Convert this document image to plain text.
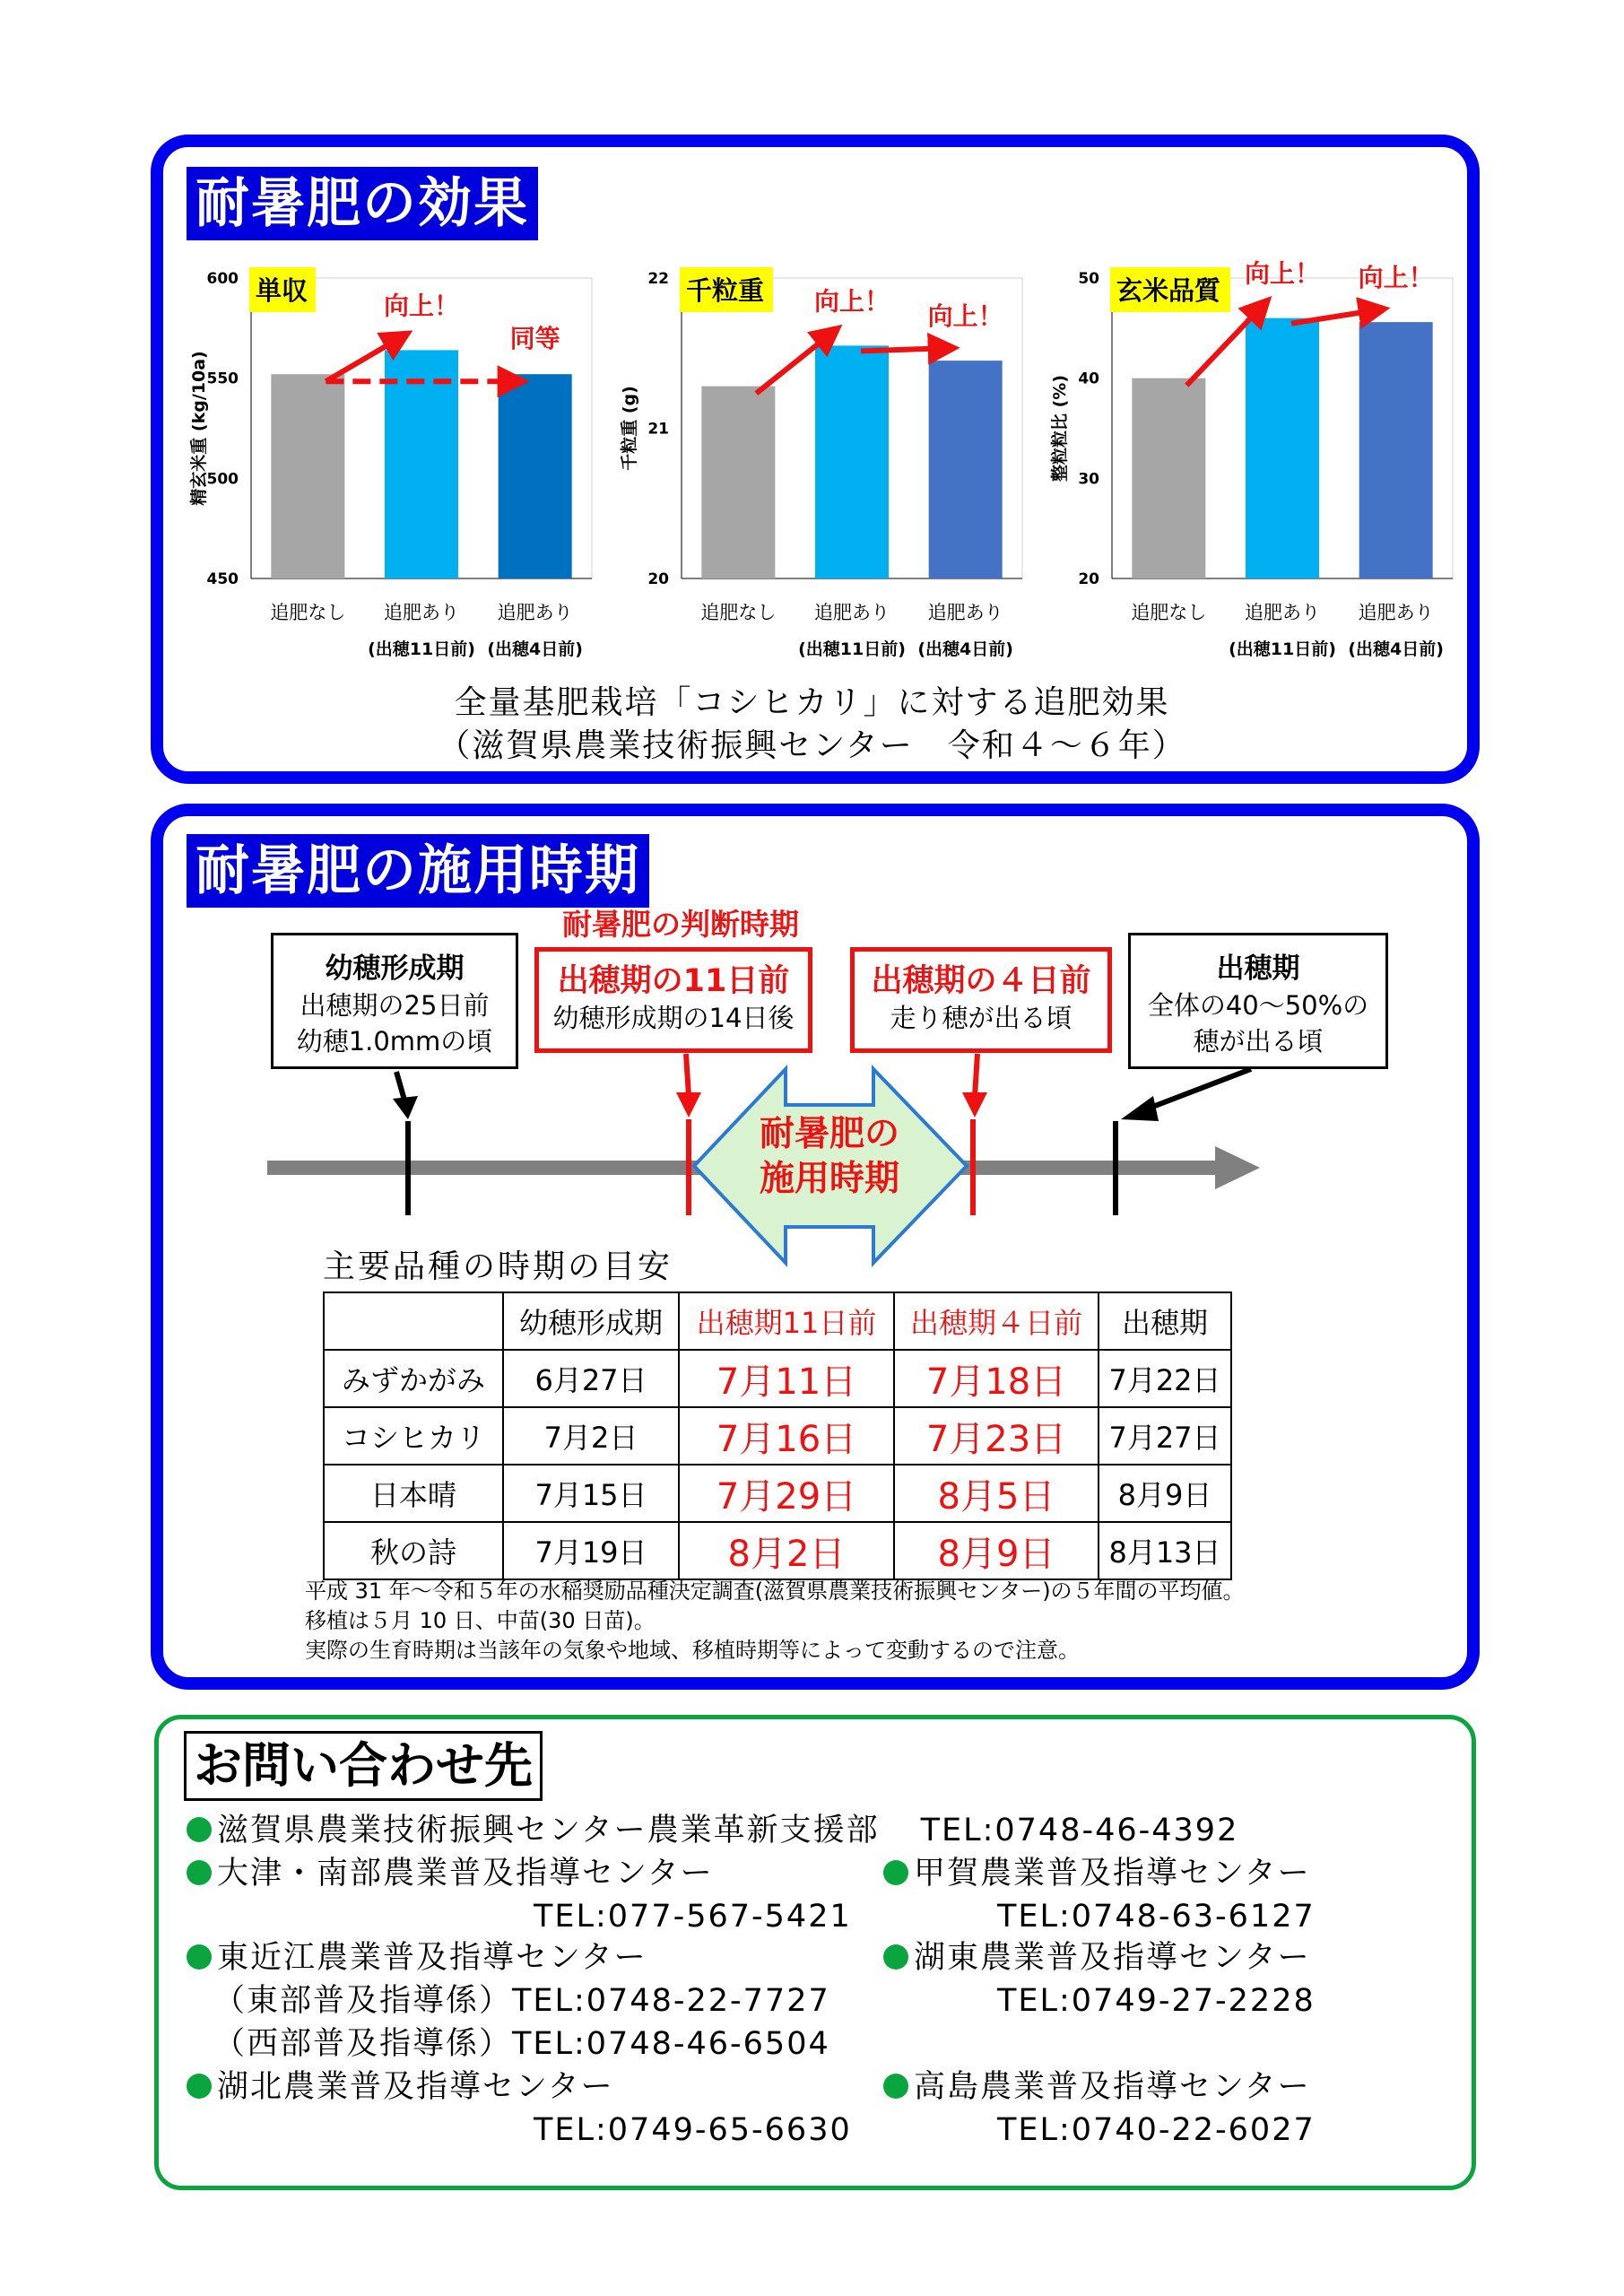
耐暑肥の効果
600
550
500
450
精玄米重 (kg/10a)
追肥なし 追肥あり
(出穂11日前)
追肥あり
(出穂4日前)
単収	向上！
同等
22
21
20
千粒重 (g)
追肥なし 追肥あり
(出穂11日前)
追肥あり
(出穂4日前)
千粒重 向上！
向上！
50
40
30
20
整粒粒比 (%)
追肥なし 追肥あり
(出穂11日前)
追肥あり
(出穂4日前)
玄米品質
向上！ 向上！
全量基肥栽培「コシヒカリ」に対する追肥効果
（滋賀県農業技術振興センター　令和４～６年）
耐暑肥の施用時期
耐暑肥の判断時期
幼穂形成期
出穂期の25日前
幼穂1.0mmの頃
出穂期の11日前
幼穂形成期の14日後
出穂期の４日前
走り穂が出る頃
出穂期
全体の40～50%の
穂が出る頃
耐暑肥の
施用時期
主要品種の時期の目安
	幼穂形成期	出穂期11日前	出穂期４日前	出穂期
みずかがみ	6月27日	7月11日	7月18日	7月22日
コシヒカリ	7月2日	7月16日	7月23日	7月27日
日本晴	7月15日	7月29日	8月5日	8月9日
秋の詩	7月19日	8月2日	8月9日	8月13日
平成 31 年～令和５年の水稲奨励品種決定調査(滋賀県農業技術振興センター)の５年間の平均値。
移植は５月 10 日、中苗(30 日苗)。
実際の生育時期は当該年の気象や地域、移植時期等によって変動するので注意。
お問い合わせ先
滋賀県農業技術振興センター農業革新支援部 TEL:0748-46-4392
大津・南部農業普及指導センター
TEL:077-567-5421
甲賀農業普及指導センター
TEL:0748-63-6127
東近江農業普及指導センター
（東部普及指導係）TEL:0748-22-7727
（西部普及指導係）TEL:0748-46-6504
湖東農業普及指導センター
TEL:0749-27-2228
湖北農業普及指導センター
TEL:0749-65-6630
高島農業普及指導センター
TEL:0740-22-6027
